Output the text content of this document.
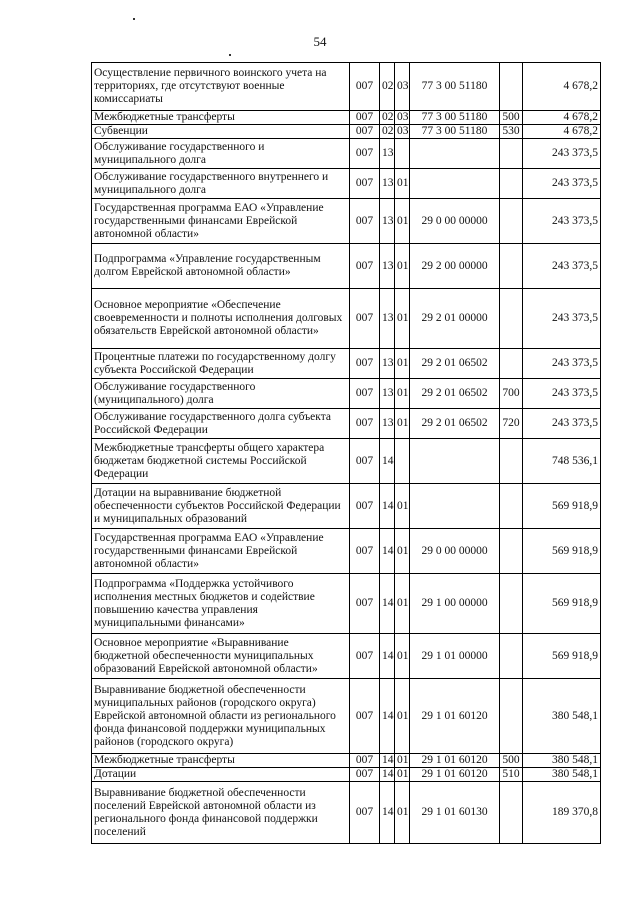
54
Осуществление первичного воинского учета на территориях, где отсутствуют военные комиссариаты	007	02	03	77 3 00 51180		4 678,2
Межбюджетные трансферты	007	02	03	77 3 00 51180	500	4 678,2
Субвенции	007	02	03	77 3 00 51180	530	4 678,2
Обслуживание государственного и муниципального долга	007	13				243 373,5
Обслуживание государственного внутреннего и муниципального долга	007	13	01			243 373,5
Государственная программа ЕАО «Управление государственными финансами Еврейской автономной области»	007	13	01	29 0 00 00000		243 373,5
Подпрограмма «Управление государственным долгом Еврейской автономной области»	007	13	01	29 2 00 00000		243 373,5
Основное мероприятие «Обеспечение своевременности и полноты исполнения долговых обязательств Еврейской автономной области»	007	13	01	29 2 01 00000		243 373,5
Процентные платежи по государственному долгу субъекта Российской Федерации	007	13	01	29 2 01 06502		243 373,5
Обслуживание государственного (муниципального) долга	007	13	01	29 2 01 06502	700	243 373,5
Обслуживание государственного долга субъекта Российской Федерации	007	13	01	29 2 01 06502	720	243 373,5
Межбюджетные трансферты общего характера бюджетам бюджетной системы Российской Федерации	007	14				748 536,1
Дотации на выравнивание бюджетной обеспеченности субъектов Российской Федерации и муниципальных образований	007	14	01			569 918,9
Государственная программа ЕАО «Управление государственными финансами Еврейской автономной области»	007	14	01	29 0 00 00000		569 918,9
Подпрограмма «Поддержка устойчивого исполнения местных бюджетов и содействие повышению качества управления муниципальными финансами»	007	14	01	29 1 00 00000		569 918,9
Основное мероприятие «Выравнивание бюджетной обеспеченности муниципальных образований Еврейской автономной области»	007	14	01	29 1 01 00000		569 918,9
Выравнивание бюджетной обеспеченности муниципальных районов (городского округа) Еврейской автономной области из регионального фонда финансовой поддержки муниципальных районов (городского округа)	007	14	01	29 1 01 60120		380 548,1
Межбюджетные трансферты	007	14	01	29 1 01 60120	500	380 548,1
Дотации	007	14	01	29 1 01 60120	510	380 548,1
Выравнивание бюджетной обеспеченности поселений Еврейской автономной области из регионального фонда финансовой поддержки поселений	007	14	01	29 1 01 60130		189 370,8
